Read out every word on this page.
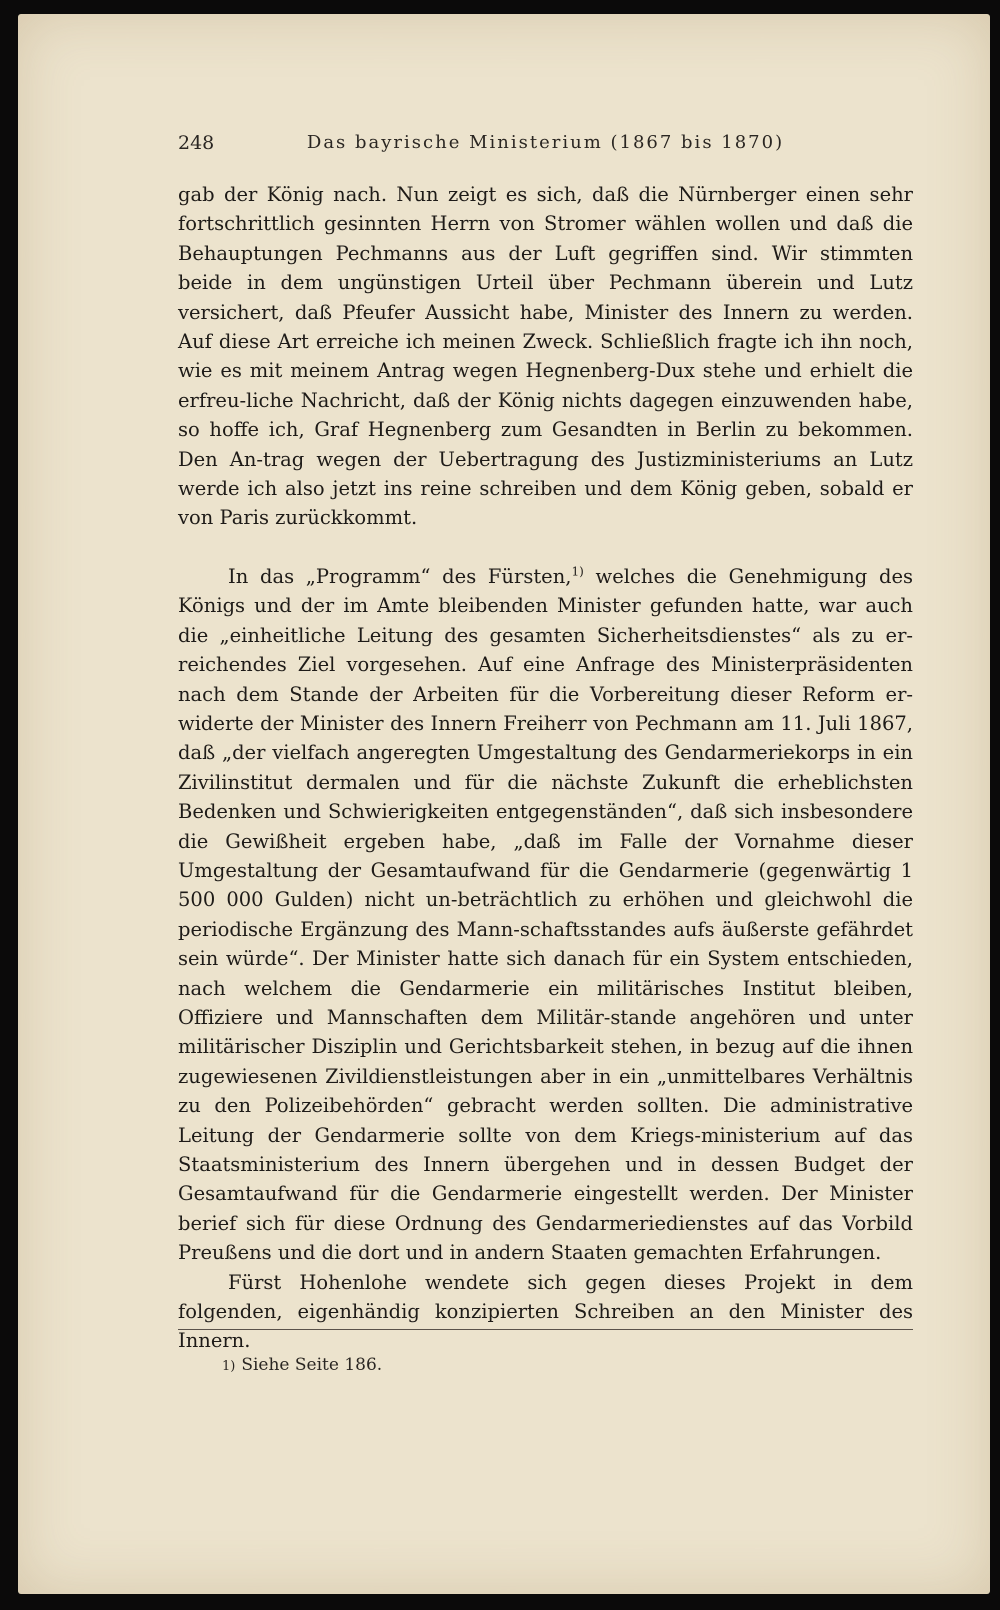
248	Das bayrische Ministerium (1867 bis 1870)

gab der König nach. Nun zeigt es sich, daß die Nürnberger einen sehr fortschrittlich gesinnten Herrn von Stromer wählen wollen und daß die Behauptungen Pechmanns aus der Luft gegriffen sind. Wir stimmten beide in dem ungünstigen Urteil über Pechmann überein und Lutz versichert, daß Pfeufer Aussicht habe, Minister des Innern zu werden. Auf diese Art erreiche ich meinen Zweck. Schließlich fragte ich ihn noch, wie es mit meinem Antrag wegen Hegnenberg-Dux stehe und erhielt die erfreu-liche Nachricht, daß der König nichts dagegen einzuwenden habe, so hoffe ich, Graf Hegnenberg zum Gesandten in Berlin zu bekommen. Den An-trag wegen der Uebertragung des Justizministeriums an Lutz werde ich also jetzt ins reine schreiben und dem König geben, sobald er von Paris zurückkommt.

In das „Programm“ des Fürsten,$^{1)}$ welches die Genehmigung des Königs und der im Amte bleibenden Minister gefunden hatte, war auch die „einheitliche Leitung des gesamten Sicherheitsdienstes“ als zu er-reichendes Ziel vorgesehen. Auf eine Anfrage des Ministerpräsidenten nach dem Stande der Arbeiten für die Vorbereitung dieser Reform er-widerte der Minister des Innern Freiherr von Pechmann am 11. Juli 1867, daß „der vielfach angeregten Umgestaltung des Gendarmeriekorps in ein Zivilinstitut dermalen und für die nächste Zukunft die erheblichsten Bedenken und Schwierigkeiten entgegenständen“, daß sich insbesondere die Gewißheit ergeben habe, „daß im Falle der Vornahme dieser Umgestaltung der Gesamtaufwand für die Gendarmerie (gegenwärtig 1 500 000 Gulden) nicht un-beträchtlich zu erhöhen und gleichwohl die periodische Ergänzung des Mann-schaftsstandes aufs äußerste gefährdet sein würde“. Der Minister hatte sich danach für ein System entschieden, nach welchem die Gendarmerie ein militärisches Institut bleiben, Offiziere und Mannschaften dem Militär-stande angehören und unter militärischer Disziplin und Gerichtsbarkeit stehen, in bezug auf die ihnen zugewiesenen Zivildienstleistungen aber in ein „unmittelbares Verhältnis zu den Polizeibehörden“ gebracht werden sollten. Die administrative Leitung der Gendarmerie sollte von dem Kriegs-ministerium auf das Staatsministerium des Innern übergehen und in dessen Budget der Gesamtaufwand für die Gendarmerie eingestellt werden. Der Minister berief sich für diese Ordnung des Gendarmeriedienstes auf das Vorbild Preußens und die dort und in andern Staaten gemachten Erfahrungen.

Fürst Hohenlohe wendete sich gegen dieses Projekt in dem folgenden, eigenhändig konzipierten Schreiben an den Minister des Innern.

1) Siehe Seite 186.
